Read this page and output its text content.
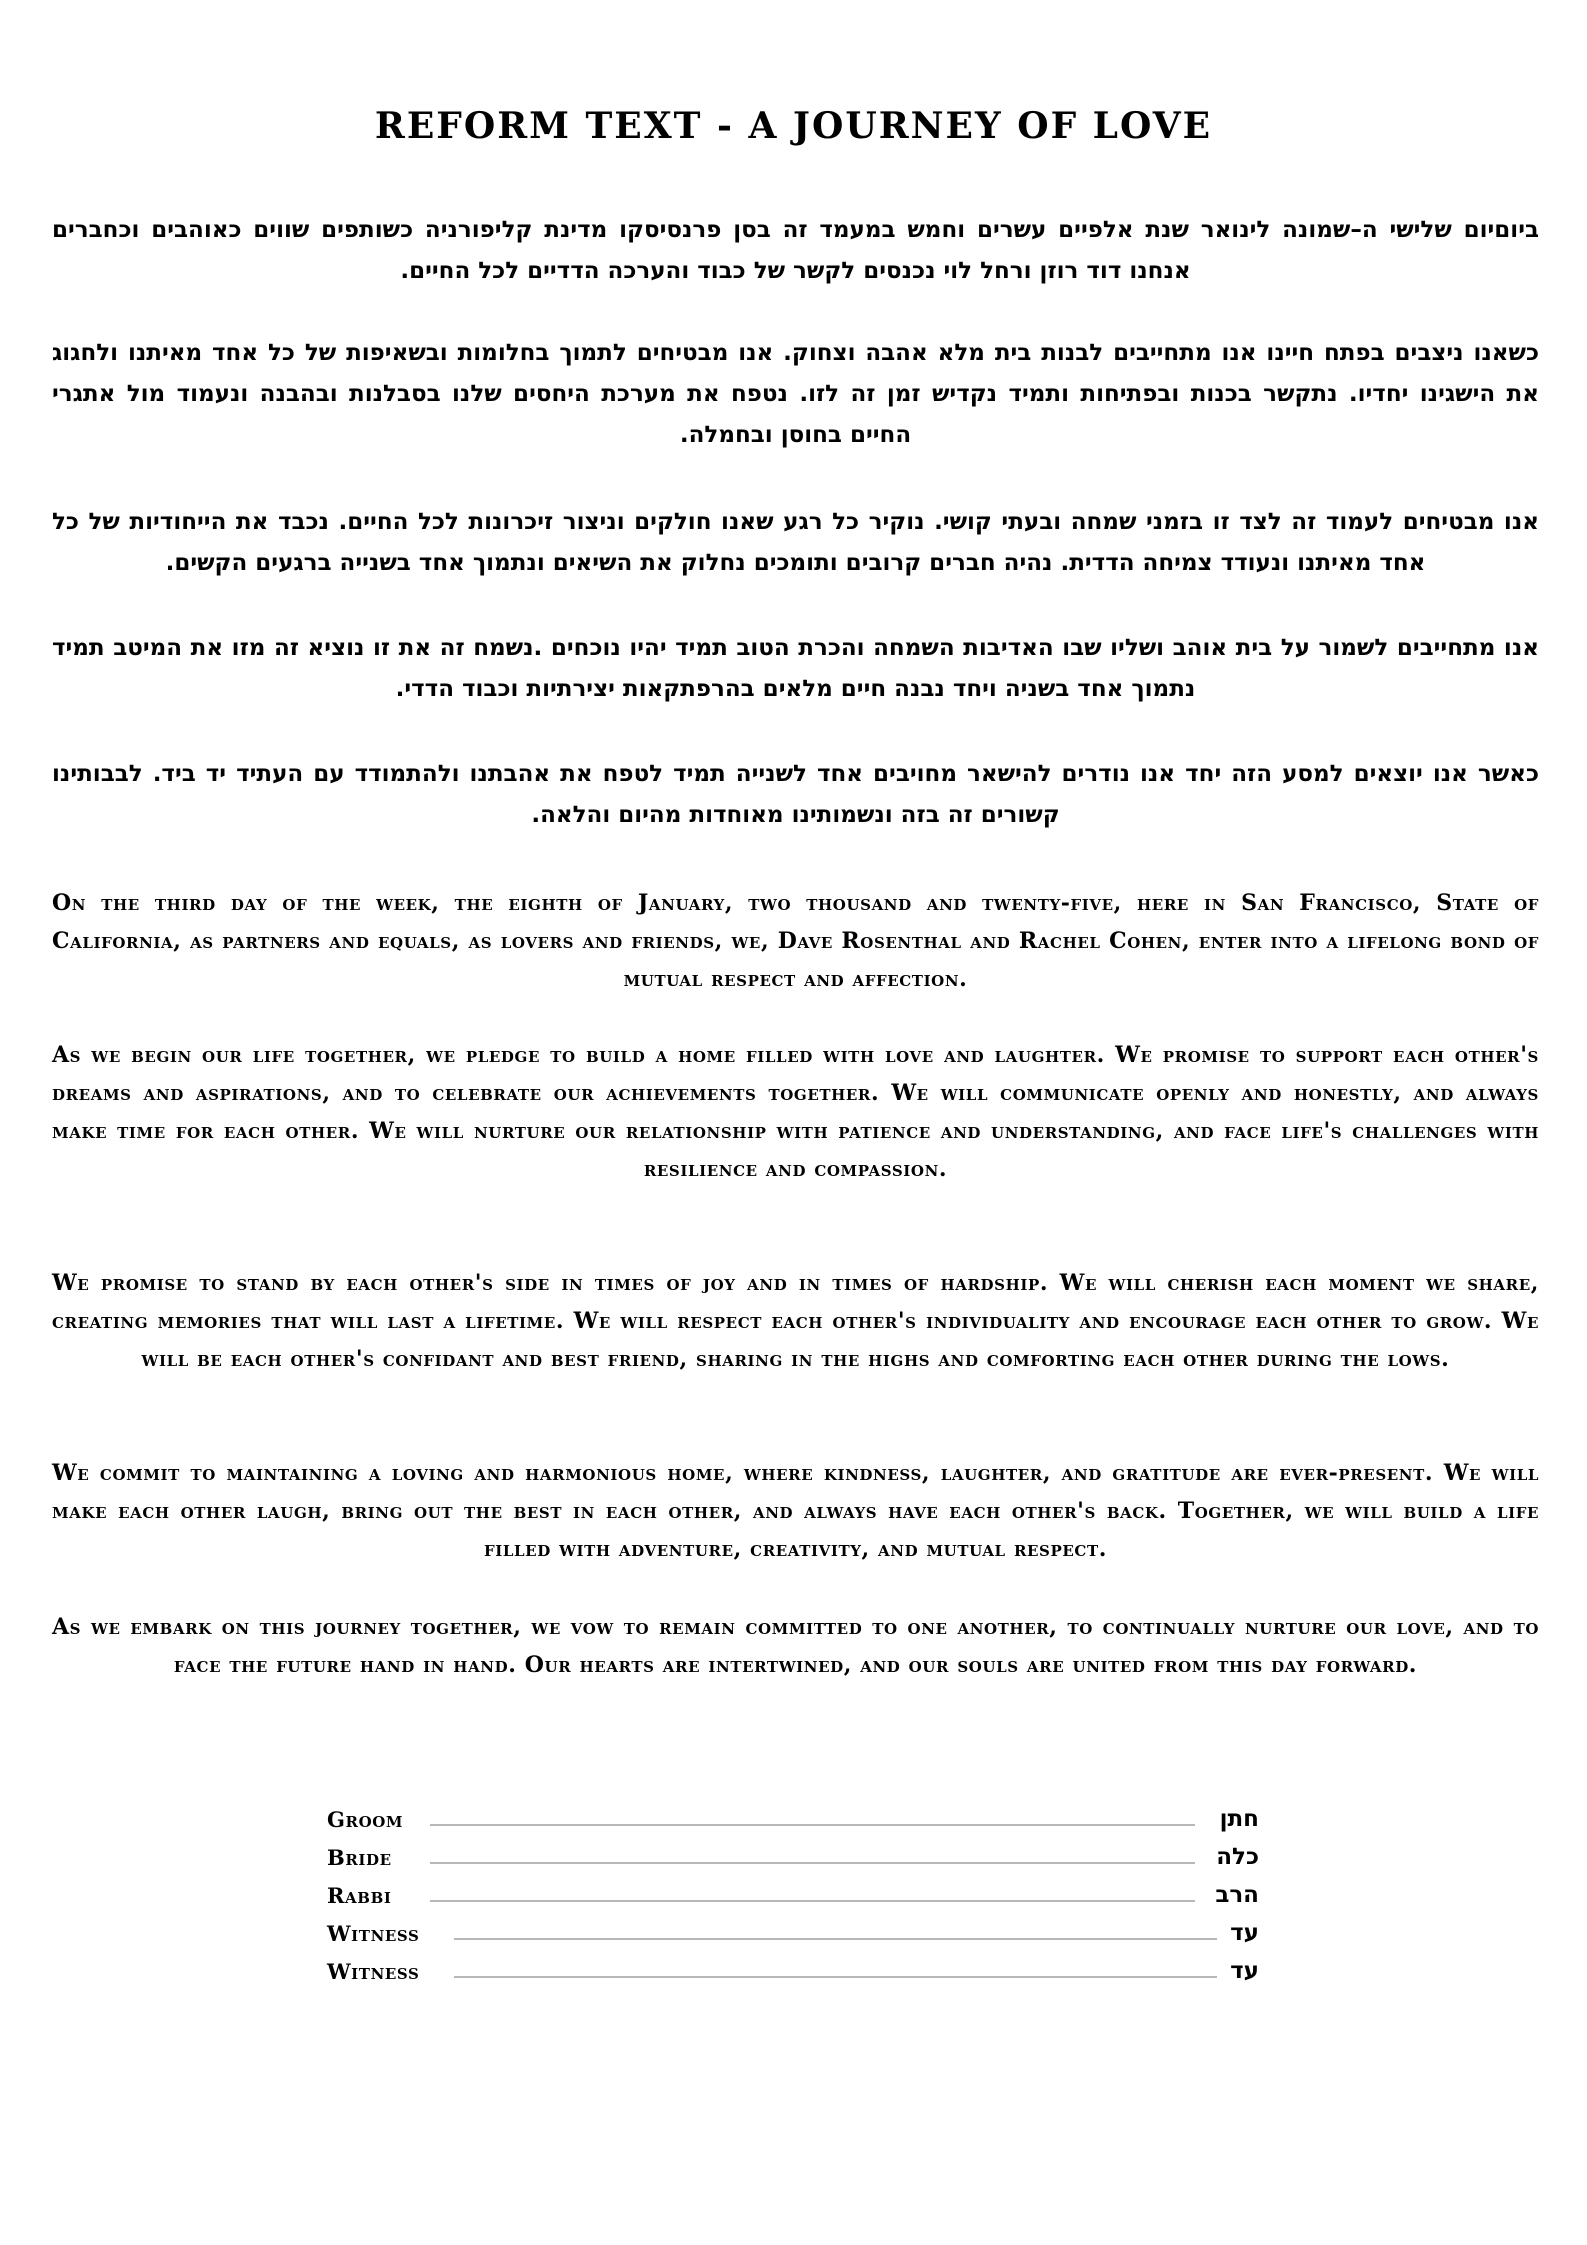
REFORM TEXT - A JOURNEY OF LOVE
ביוםיום שלישי ה–שמונה לינואר שנת אלפיים עשרים וחמש במעמד זה בסן פרנסיסקו מדינת קליפורניה כשותפים שווים כאוהבים וכחברים אנחנו דוד רוזן ורחל לוי נכנסים לקשר של כבוד והערכה הדדיים לכל החיים.
כשאנו ניצבים בפתח חיינו אנו מתחייבים לבנות בית מלא אהבה וצחוק. אנו מבטיחים לתמוך בחלומות ובשאיפות של כל אחד מאיתנו ולחגוג את הישגינו יחדיו. נתקשר בכנות ובפתיחות ותמיד נקדיש זמן זה לזו. נטפח את מערכת היחסים שלנו בסבלנות ובהבנה ונעמוד מול אתגרי החיים בחוסן ובחמלה.
אנו מבטיחים לעמוד זה לצד זו בזמני שמחה ובעתי קושי. נוקיר כל רגע שאנו חולקים וניצור זיכרונות לכל החיים. נכבד את הייחודיות של כל אחד מאיתנו ונעודד צמיחה הדדית. נהיה חברים קרובים ותומכים נחלוק את השיאים ונתמוך אחד בשנייה ברגעים הקשים.
אנו מתחייבים לשמור על בית אוהב ושליו שבו האדיבות השמחה והכרת הטוב תמיד יהיו נוכחים .נשמח זה את זו נוציא זה מזו את המיטב תמיד נתמוך אחד בשניה ויחד נבנה חיים מלאים בהרפתקאות יצירתיות וכבוד הדדי.
כאשר אנו יוצאים למסע הזה יחד אנו נודרים להישאר מחויבים אחד לשנייה תמיד לטפח את אהבתנו ולהתמודד עם העתיד יד ביד. לבבותינו קשורים זה בזה ונשמותינו מאוחדות מהיום והלאה.
On the third day of the week, the eighth of January, two thousand and twenty-five, here in San Francisco, State of California, as partners and equals, as lovers and friends, we, Dave Rosenthal and Rachel Cohen, enter into a lifelong bond of mutual respect and affection.
As we begin our life together, we pledge to build a home filled with love and laughter. We promise to support each other's dreams and aspirations, and to celebrate our achievements together. We will communicate openly and honestly, and always make time for each other. We will nurture our relationship with patience and understanding, and face life's challenges with resilience and compassion.
We promise to stand by each other's side in times of joy and in times of hardship. We will cherish each moment we share, creating memories that will last a lifetime. We will respect each other's individuality and encourage each other to grow. We will be each other's confidant and best friend, sharing in the highs and comforting each other during the lows.
We commit to maintaining a loving and harmonious home, where kindness, laughter, and gratitude are ever-present. We will make each other laugh, bring out the best in each other, and always have each other's back. Together, we will build a life filled with adventure, creativity, and mutual respect.
As we embark on this journey together, we vow to remain committed to one another, to continually nurture our love, and to face the future hand in hand. Our hearts are intertwined, and our souls are united from this day forward.
Groom	חתן
Bride	כלה
Rabbi	הרב
Witness	עד
Witness	עד
